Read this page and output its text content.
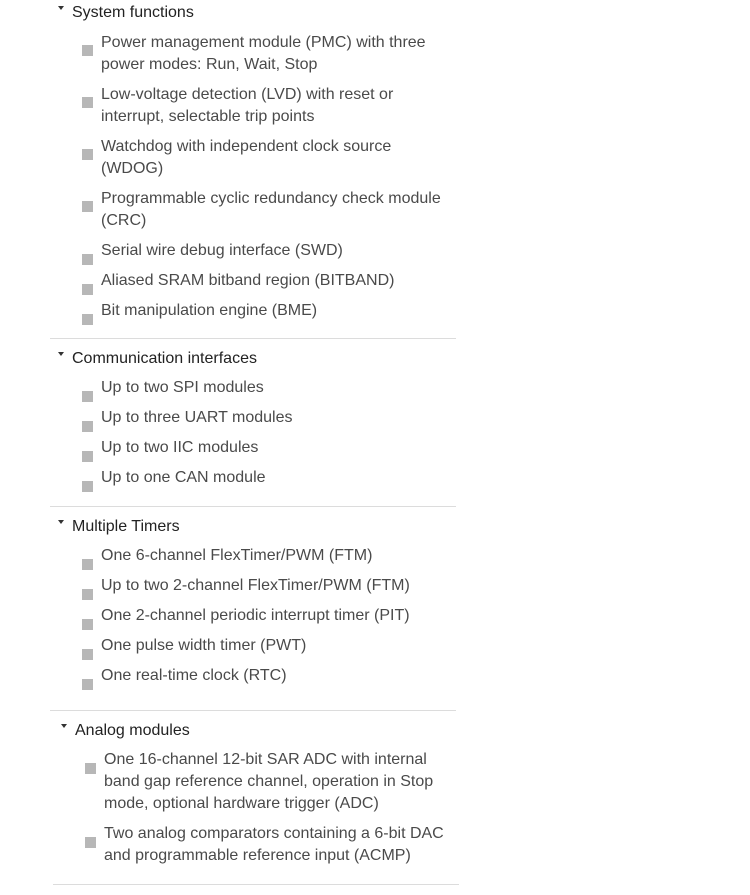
System functions
Power management module (PMC) with three power modes: Run, Wait, Stop
Low-voltage detection (LVD) with reset or interrupt, selectable trip points
Watchdog with independent clock source (WDOG)
Programmable cyclic redundancy check module (CRC)
Serial wire debug interface (SWD)
Aliased SRAM bitband region (BITBAND)
Bit manipulation engine (BME)
Communication interfaces
Up to two SPI modules
Up to three UART modules
Up to two IIC modules
Up to one CAN module
Multiple Timers
One 6-channel FlexTimer/PWM (FTM)
Up to two 2-channel FlexTimer/PWM (FTM)
One 2-channel periodic interrupt timer (PIT)
One pulse width timer (PWT)
One real-time clock (RTC)
Analog modules
One 16-channel 12-bit SAR ADC with internal band gap reference channel, operation in Stop mode, optional hardware trigger (ADC)
Two analog comparators containing a 6-bit DAC and programmable reference input (ACMP)
